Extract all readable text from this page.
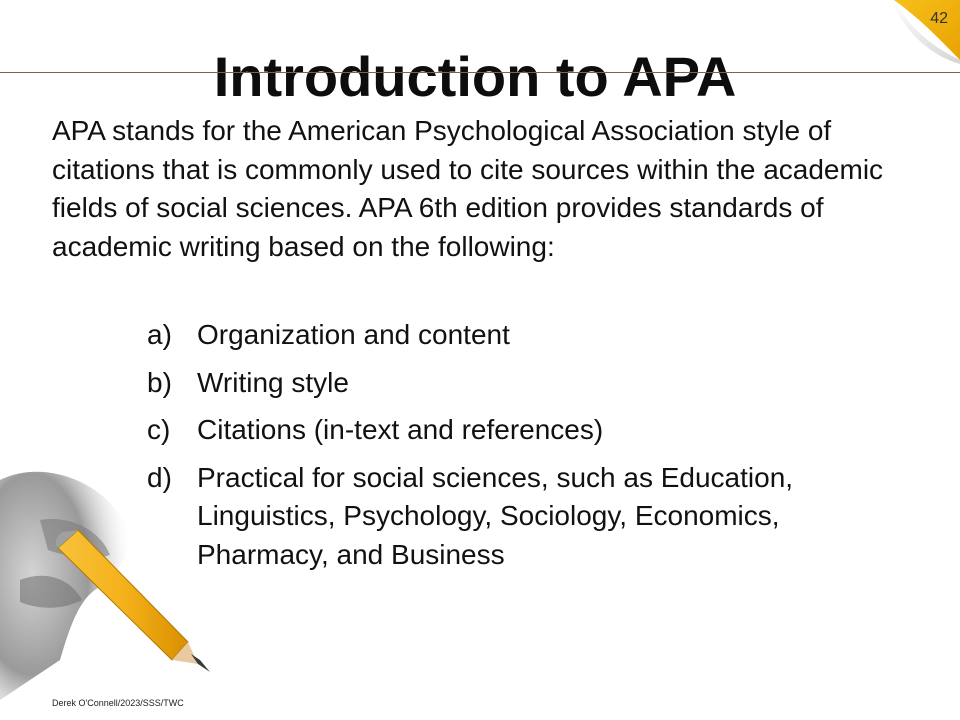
Introduction to APA
42

APA stands for the American Psychological Association style of citations that is commonly used to cite sources within the academic fields of social sciences. APA 6th edition provides standards of academic writing based on the following:

a) Organization and content
b) Writing style
c) Citations (in-text and references)
d) Practical for social sciences, such as Education, Linguistics, Psychology, Sociology, Economics, Pharmacy, and Business
Derek O'Connell/2023/SSS/TWC
